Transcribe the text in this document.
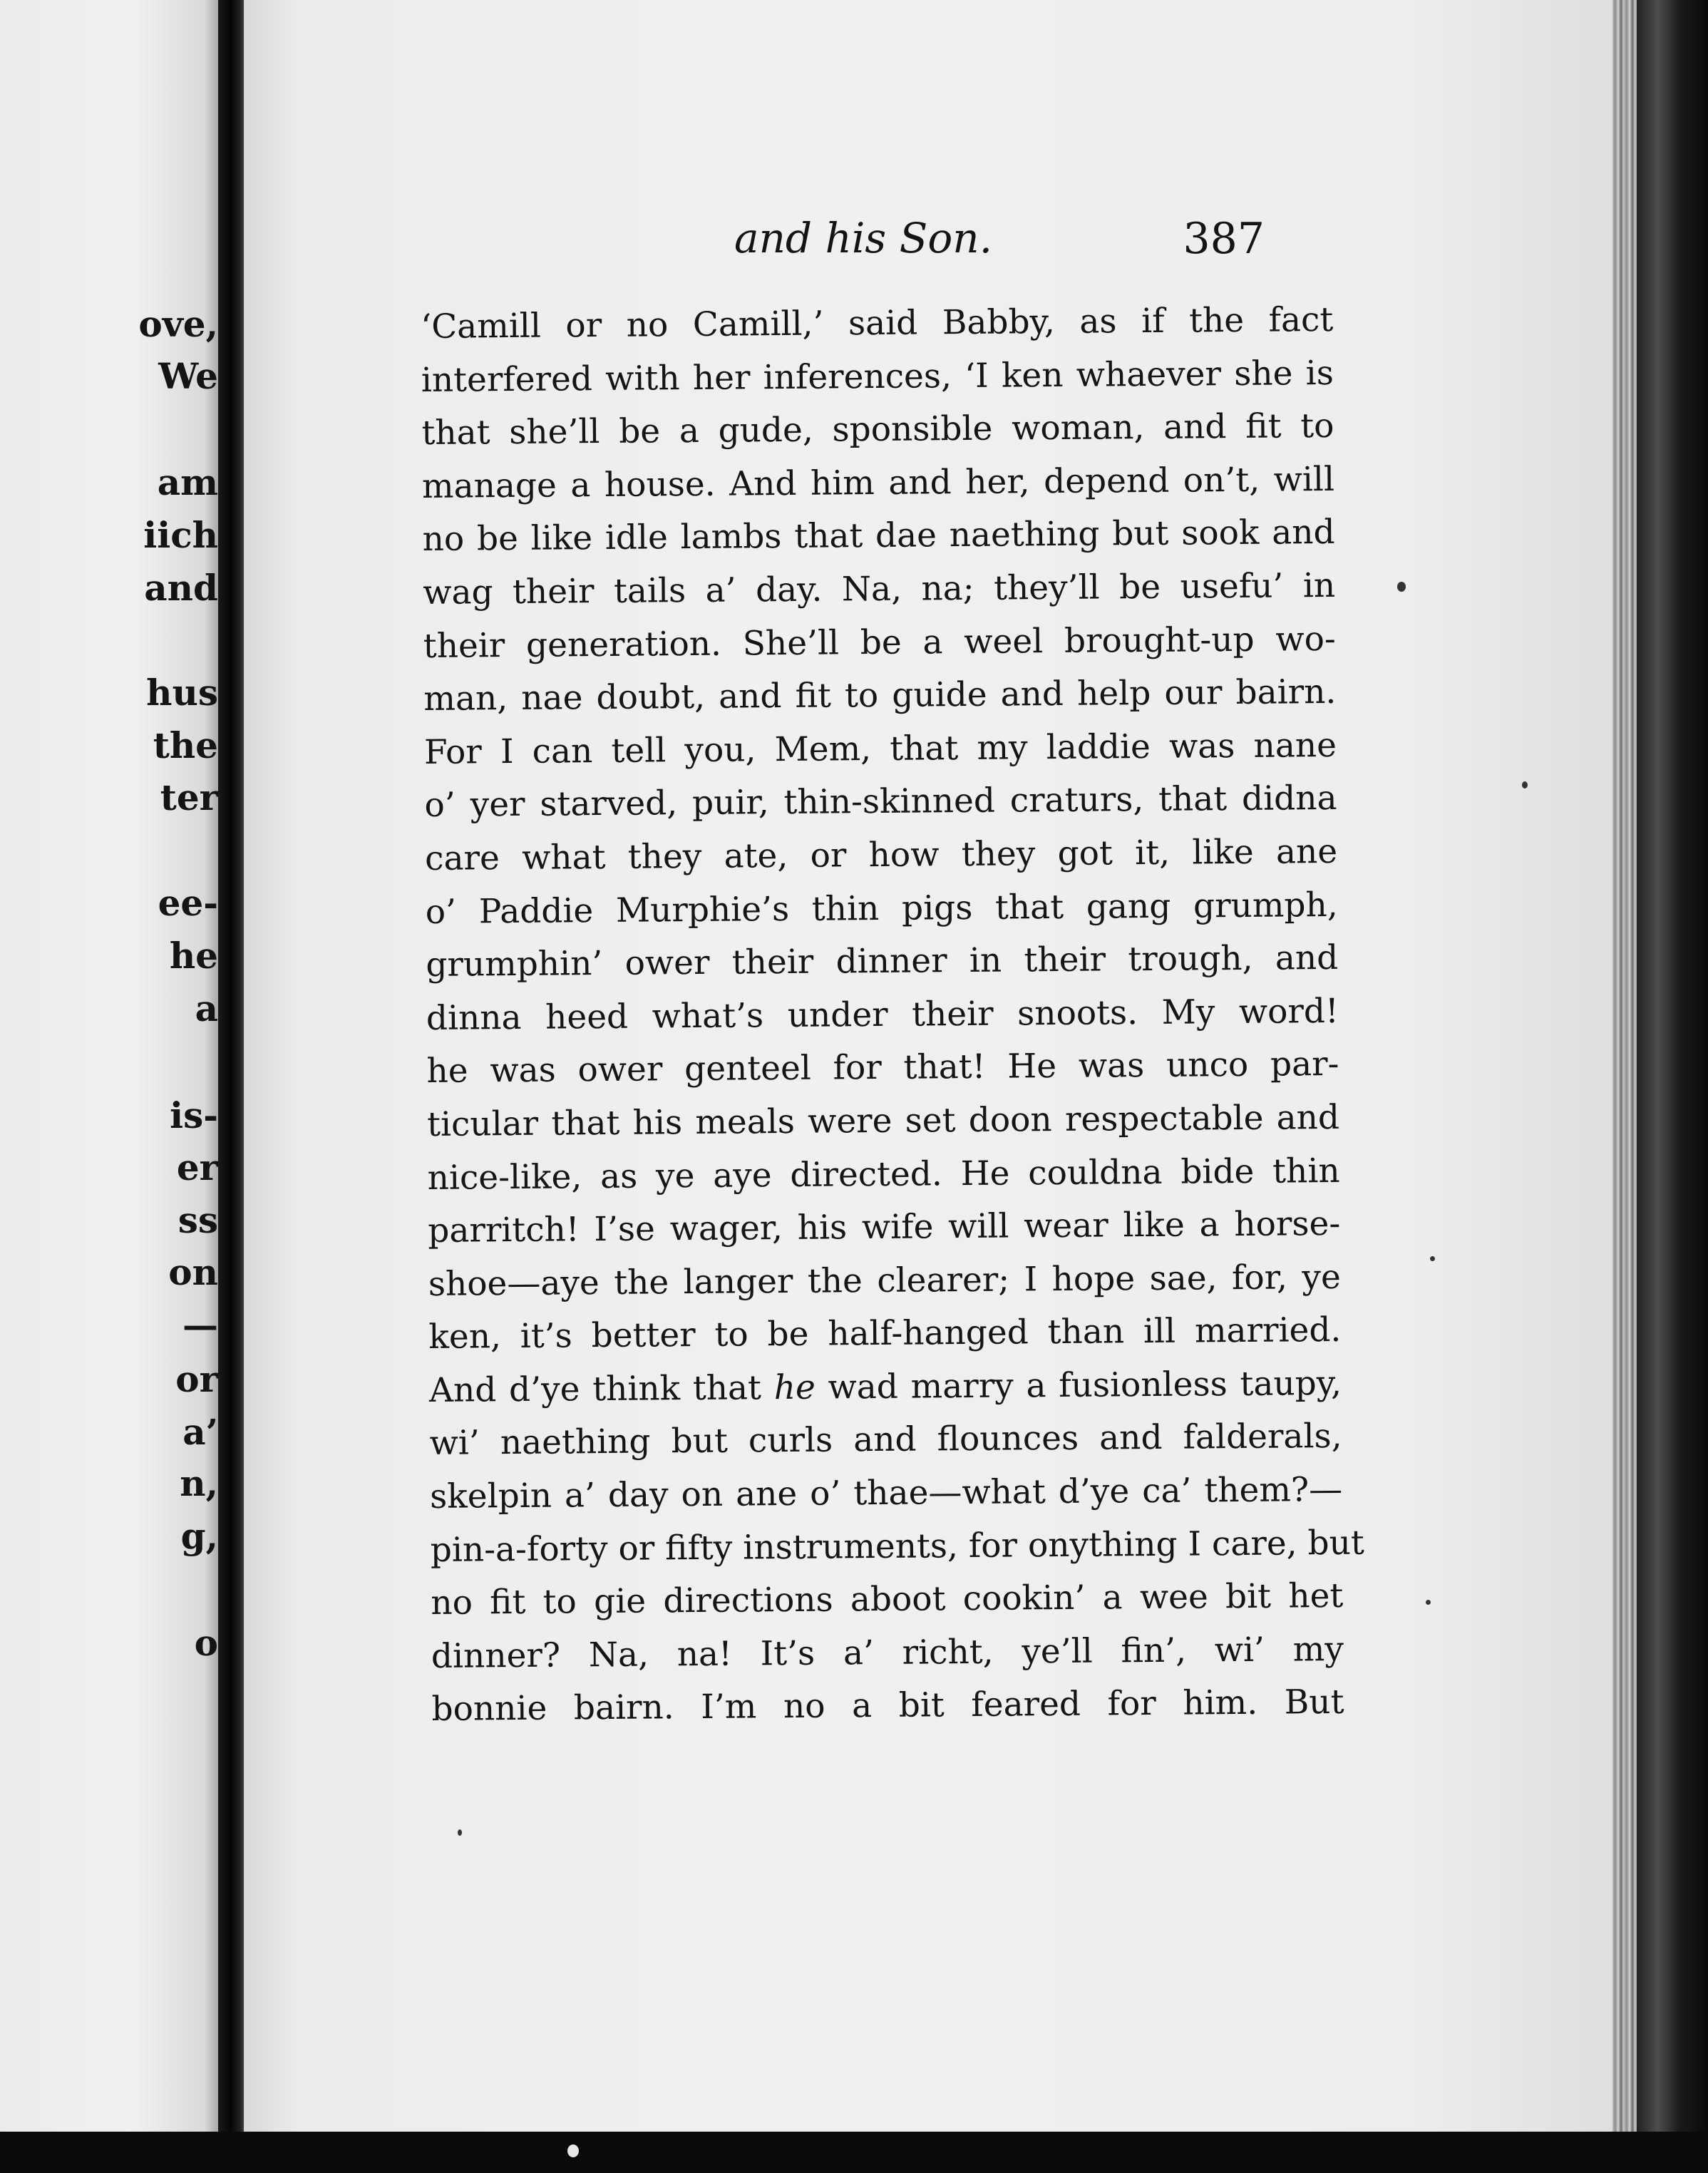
ove,
We
am
iich
and
hus
the
ter
ee-
he
a
is-
er
ss
on
—
or
a’
n,
g,
o
and his Son.	387
‘Camill or no Camill,’ said Babby, as if the fact
interfered with her inferences, ‘I ken whaever she is
that she’ll be a gude, sponsible woman, and fit to
manage a house. And him and her, depend on’t, will
no be like idle lambs that dae naething but sook and
wag their tails a’ day. Na, na; they’ll be usefu’ in
their generation. She’ll be a weel brought-up wo-
man, nae doubt, and fit to guide and help our bairn.
For I can tell you, Mem, that my laddie was nane
o’ yer starved, puir, thin-skinned craturs, that didna
care what they ate, or how they got it, like ane
o’ Paddie Murphie’s thin pigs that gang grumph,
grumphin’ ower their dinner in their trough, and
dinna heed what’s under their snoots. My word!
he was ower genteel for that! He was unco par-
ticular that his meals were set doon respectable and
nice-like, as ye aye directed. He couldna bide thin
parritch! I’se wager, his wife will wear like a horse-
shoe—aye the langer the clearer; I hope sae, for, ye
ken, it’s better to be half-hanged than ill married.
And d’ye think that he wad marry a fusionless taupy,
wi’ naething but curls and flounces and falderals,
skelpin a’ day on ane o’ thae—what d’ye ca’ them?—
pin-a-forty or fifty instruments, for onything I care, but
no fit to gie directions aboot cookin’ a wee bit het
dinner? Na, na! It’s a’ richt, ye’ll fin’, wi’ my
bonnie bairn. I’m no a bit feared for him. But
